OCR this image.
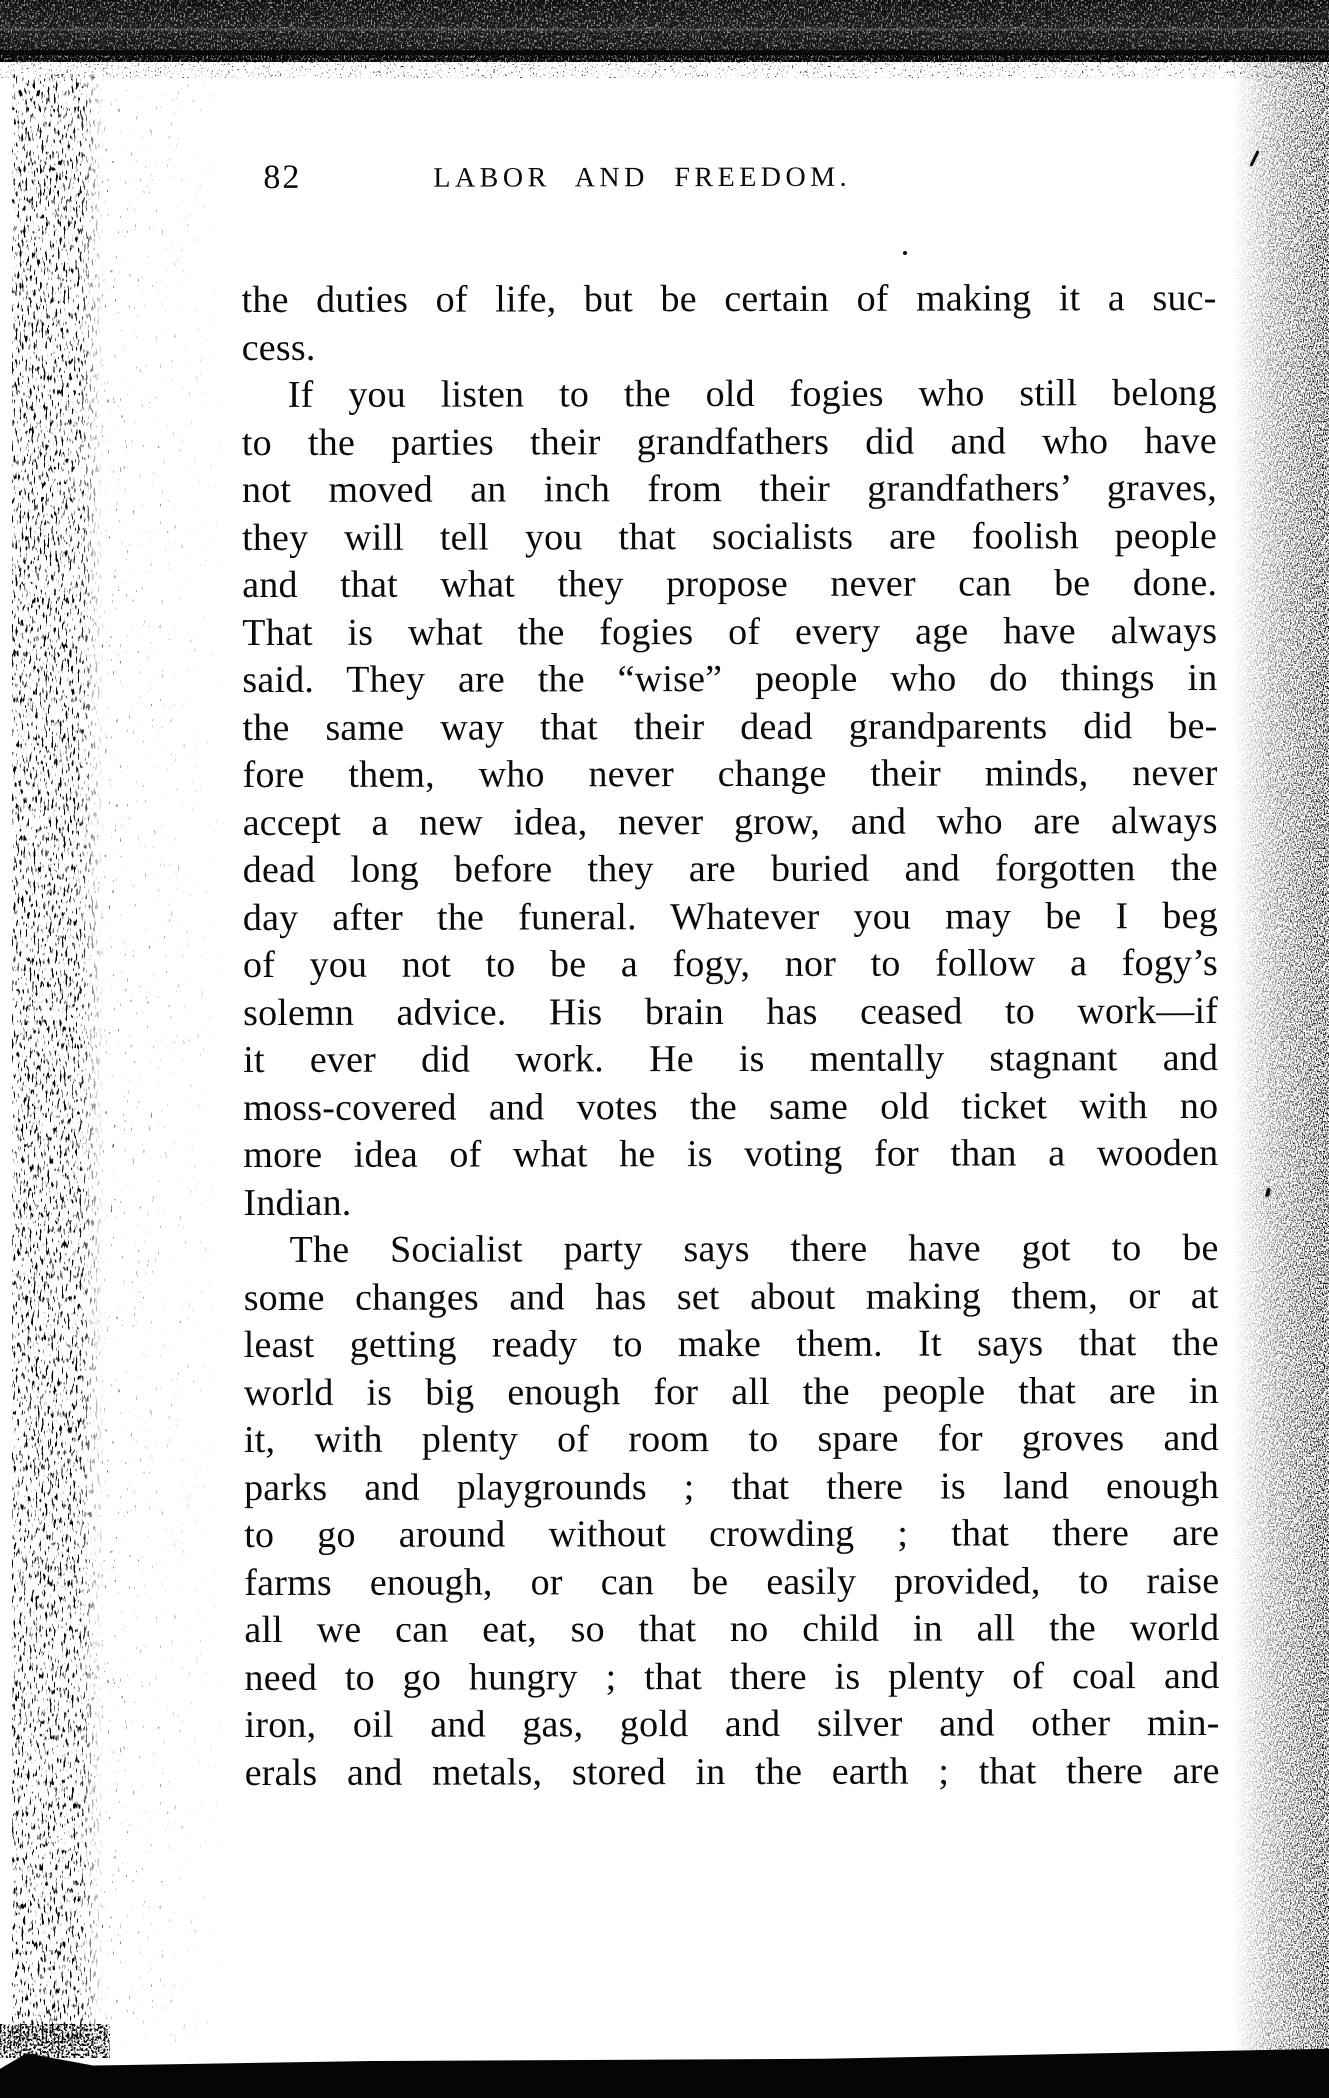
82	LABOR AND FREEDOM.
the duties of life, but be certain of making it a suc-
cess.
If you listen to the old fogies who still belong
to the parties their grandfathers did and who have
not moved an inch from their grandfathers’ graves,
they will tell you that socialists are foolish people
and that what they propose never can be done.
That is what the fogies of every age have always
said. They are the “wise” people who do things in
the same way that their dead grandparents did be-
fore them, who never change their minds, never
accept a new idea, never grow, and who are always
dead long before they are buried and forgotten the
day after the funeral. Whatever you may be I beg
of you not to be a fogy, nor to follow a fogy’s
solemn advice. His brain has ceased to work—if
it ever did work. He is mentally stagnant and
moss-covered and votes the same old ticket with no
more idea of what he is voting for than a wooden
Indian.
The Socialist party says there have got to be
some changes and has set about making them, or at
least getting ready to make them. It says that the
world is big enough for all the people that are in
it, with plenty of room to spare for groves and
parks and playgrounds ; that there is land enough
to go around without crowding ; that there are
farms enough, or can be easily provided, to raise
all we can eat, so that no child in all the world
need to go hungry ; that there is plenty of coal and
iron, oil and gas, gold and silver and other min-
erals and metals, stored in the earth ; that there are
